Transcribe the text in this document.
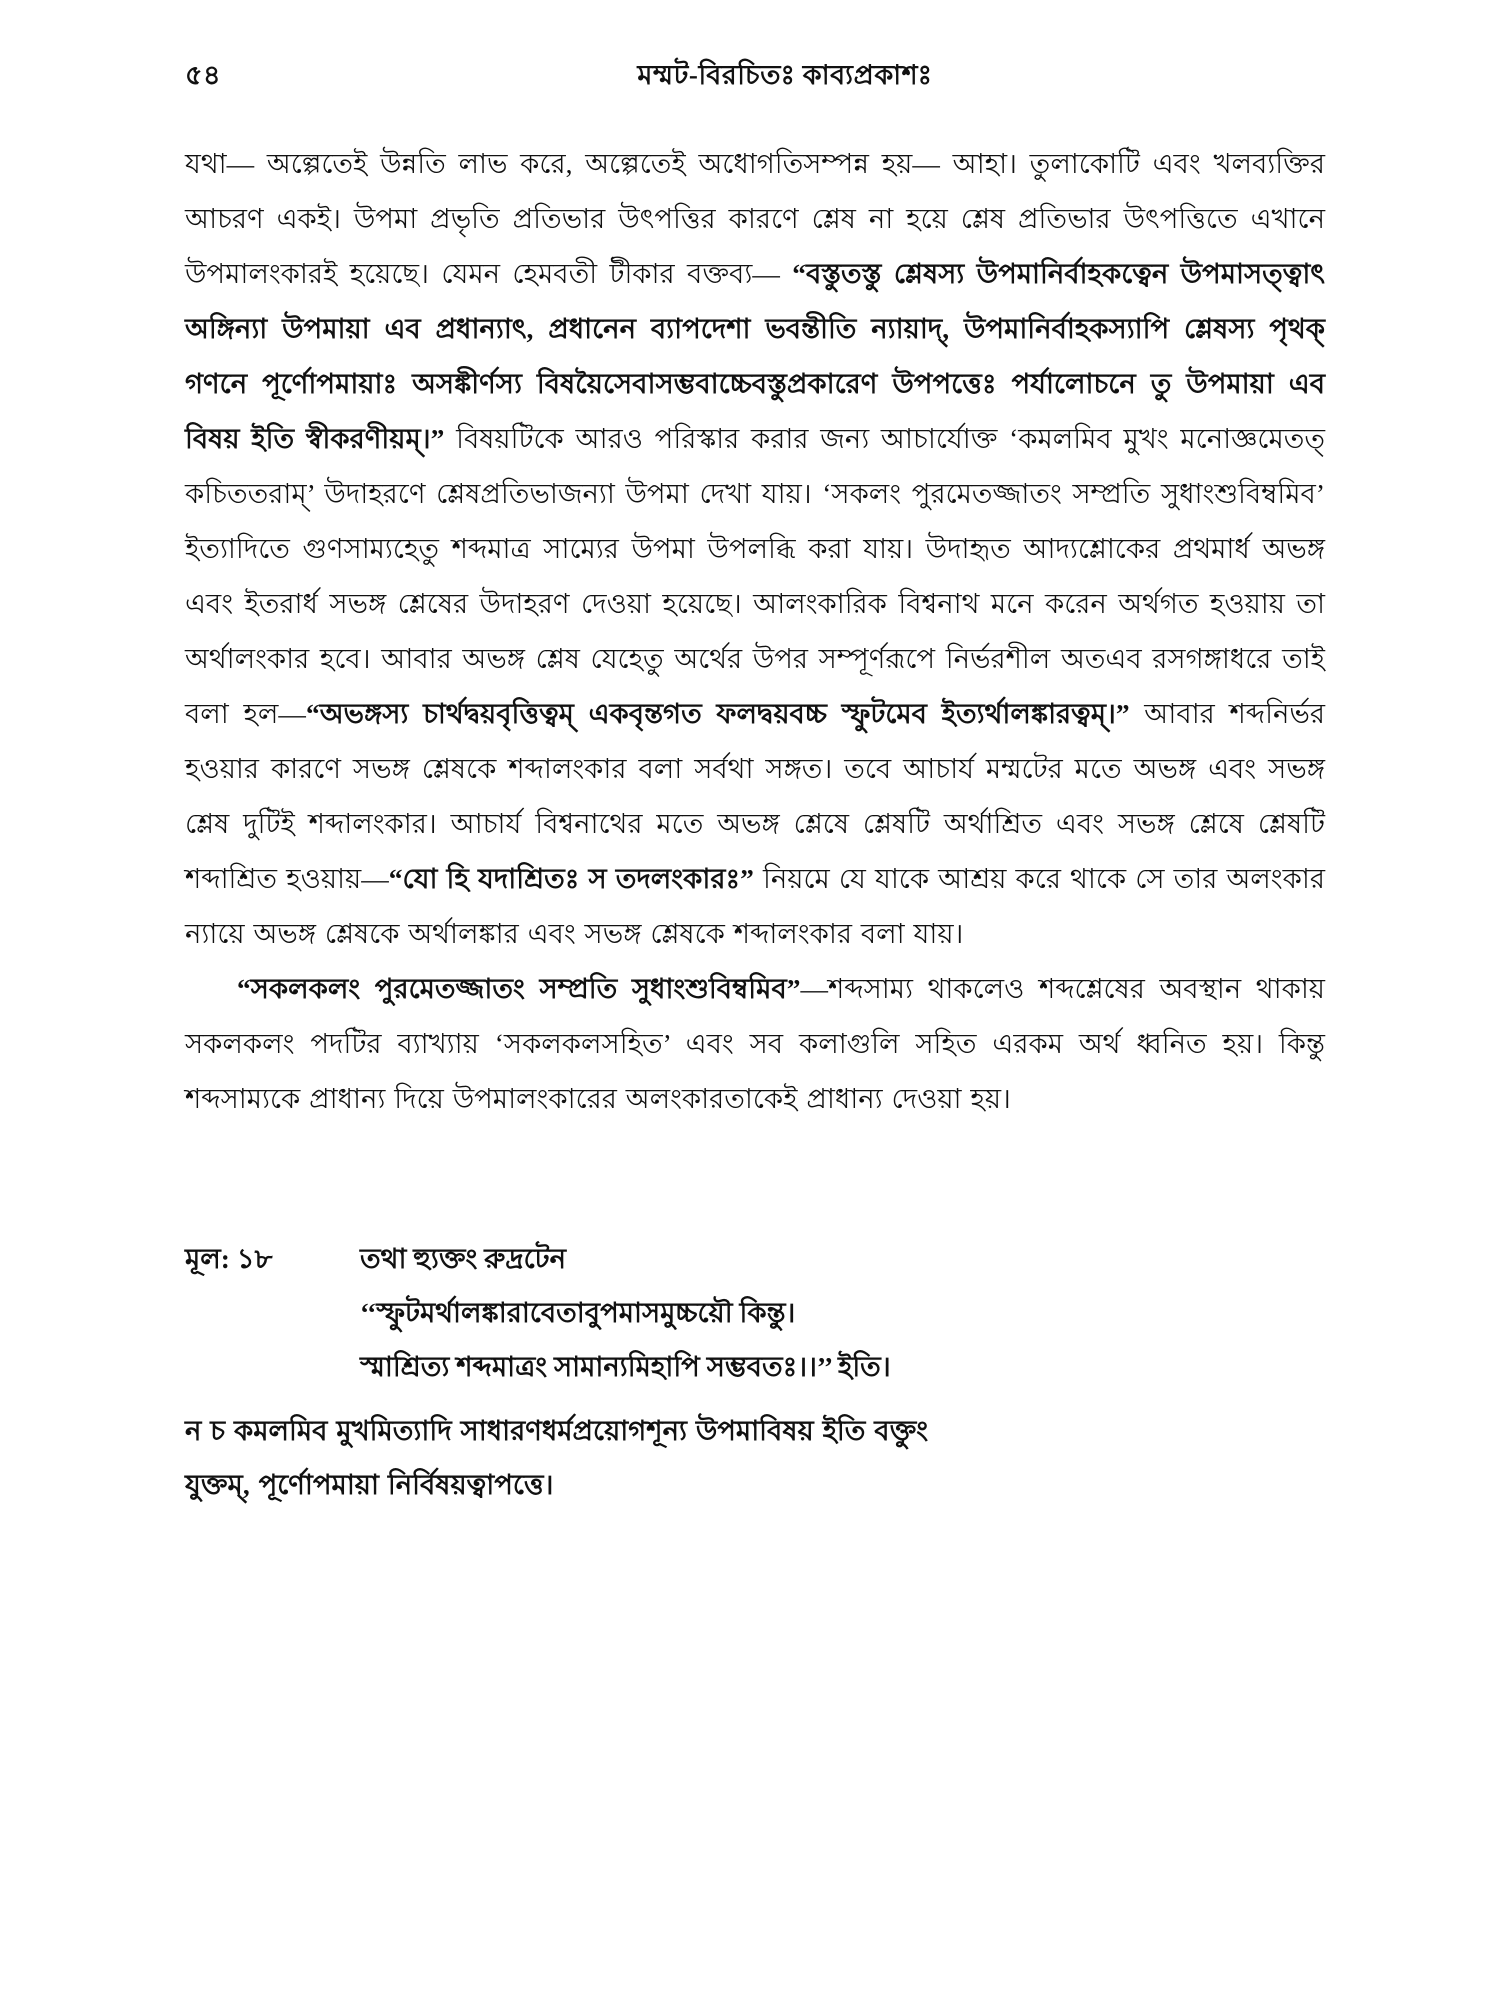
৫৪	মম্মট-বিরচিতঃ কাব্যপ্রকাশঃ

যথা— অল্পেতেই উন্নতি লাভ করে, অল্পেতেই অধোগতিসম্পন্ন হয়— আহা। তুলাকোটি এবং খলব্যক্তির আচরণ একই। উপমা প্রভৃতি প্রতিভার উৎপত্তির কারণে শ্লেষ না হয়ে শ্লেষ প্রতিভার উৎপত্তিতে এখানে উপমালংকারই হয়েছে। যেমন হেমবতী টীকার বক্তব্য— “বস্তুতস্তু শ্লেষস্য উপমানির্বাহকত্বেন উপমাসত্ত্বাৎ অঙ্গিন্যা উপমায়া এব প্রধান্যাৎ, প্রধানেন ব্যাপদেশা ভবন্তীতি ন্যায়াদ্, উপমানির্বাহকস্যাপি শ্লেষস্য পৃথক্ গণনে পূর্ণোপমায়াঃ অসঙ্কীর্ণস্য বিষয়ৈসেবাসম্ভবাচ্চেবস্তুপ্রকারেণ উপপত্তেঃ পর্যালোচনে তু উপমায়া এব বিষয় ইতি স্বীকরণীয়ম্।” বিষয়টিকে আরও পরিস্কার করার জন্য আচার্যোক্ত ‘কমলমিব মুখং মনোজ্ঞমেতত্ কচিততরাম্’ উদাহরণে শ্লেষপ্রতিভাজন্যা উপমা দেখা যায়। ‘সকলং পুরমেতজ্জাতং সম্প্রতি সুধাংশুবিম্বমিব’ ইত্যাদিতে গুণসাম্যহেতু শব্দমাত্র সাম্যের উপমা উপলব্ধি করা যায়। উদাহৃত আদ্যশ্লোকের প্রথমার্ধ অভঙ্গ এবং ইতরার্ধ সভঙ্গ শ্লেষের উদাহরণ দেওয়া হয়েছে। আলংকারিক বিশ্বনাথ মনে করেন অর্থগত হওয়ায় তা অর্থালংকার হবে। আবার অভঙ্গ শ্লেষ যেহেতু অর্থের উপর সম্পূর্ণরূপে নির্ভরশীল অতএব রসগঙ্গাধরে তাই বলা হল—“অভঙ্গস্য চার্থদ্বয়বৃত্তিত্বম্ একবৃন্তগত ফলদ্বয়বচ্চ স্ফুটমেব ইত্যর্থালঙ্কারত্বম্।” আবার শব্দনির্ভর হওয়ার কারণে সভঙ্গ শ্লেষকে শব্দালংকার বলা সর্বথা সঙ্গত। তবে আচার্য মম্মটের মতে অভঙ্গ এবং সভঙ্গ শ্লেষ দুটিই শব্দালংকার। আচার্য বিশ্বনাথের মতে অভঙ্গ শ্লেষে শ্লেষটি অর্থাশ্রিত এবং সভঙ্গ শ্লেষে শ্লেষটি শব্দাশ্রিত হওয়ায়—“যো হি যদাশ্রিতঃ স তদলংকারঃ” নিয়মে যে যাকে আশ্রয় করে থাকে সে তার অলংকার ন্যায়ে অভঙ্গ শ্লেষকে অর্থালঙ্কার এবং সভঙ্গ শ্লেষকে শব্দালংকার বলা যায়।

“সকলকলং পুরমেতজ্জাতং সম্প্রতি সুধাংশুবিম্বমিব”—শব্দসাম্য থাকলেও শব্দশ্লেষের অবস্থান থাকায় সকলকলং পদটির ব্যাখ্যায় ‘সকলকলসহিত’ এবং সব কলাগুলি সহিত এরকম অর্থ ধ্বনিত হয়। কিন্তু শব্দসাম্যকে প্রাধান্য দিয়ে উপমালংকারের অলংকারতাকেই প্রাধান্য দেওয়া হয়।

মূল: ১৮	তথা হ্যুক্তং রুদ্রটেন
‘‘স্ফুটমর্থালঙ্কারাবেতাবুপমাসমুচ্চয়ৌ কিন্তু।
স্মাশ্রিত্য শব্দমাত্রং সামান্যমিহাপি সম্ভবতঃ।।’’ ইতি।
ন চ কমলমিব মুখমিত্যাদি সাধারণধর্মপ্রয়োগশূন্য উপমাবিষয় ইতি বক্তুং
যুক্তম্, পূর্ণোপমায়া নির্বিষয়ত্বাপত্তে।
